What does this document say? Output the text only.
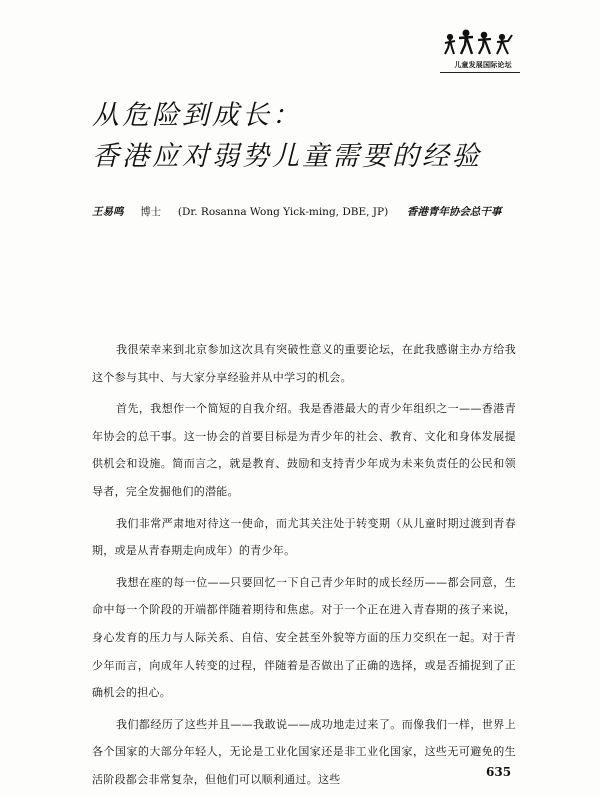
儿童发展国际论坛
从危险到成长：
香港应对弱势儿童需要的经验
王易鸣 博士 (Dr. Rosanna Wong Yick-ming, DBE, JP) 香港青年协会总干事

我很荣幸来到北京参加这次具有突破性意义的重要论坛，在此我感谢主办方给我这个参与其中、与大家分享经验并从中学习的机会。

首先，我想作一个简短的自我介绍。我是香港最大的青少年组织之一——香港青年协会的总干事。这一协会的首要目标是为青少年的社会、教育、文化和身体发展提供机会和设施。简而言之，就是教育、鼓励和支持青少年成为未来负责任的公民和领导者，完全发掘他们的潜能。

我们非常严肃地对待这一使命，而尤其关注处于转变期（从儿童时期过渡到青春期，或是从青春期走向成年）的青少年。

我想在座的每一位——只要回忆一下自己青少年时的成长经历——都会同意，生命中每一个阶段的开端都伴随着期待和焦虑。对于一个正在进入青春期的孩子来说，身心发育的压力与人际关系、自信、安全甚至外貌等方面的压力交织在一起。对于青少年而言，向成年人转变的过程，伴随着是否做出了正确的选择，或是否捕捉到了正确机会的担心。

我们都经历了这些并且——我敢说——成功地走过来了。而像我们一样，世界上各个国家的大部分年轻人，无论是工业化国家还是非工业化国家，这些无可避免的生活阶段都会非常复杂，但他们可以顺利通过。这些

635
